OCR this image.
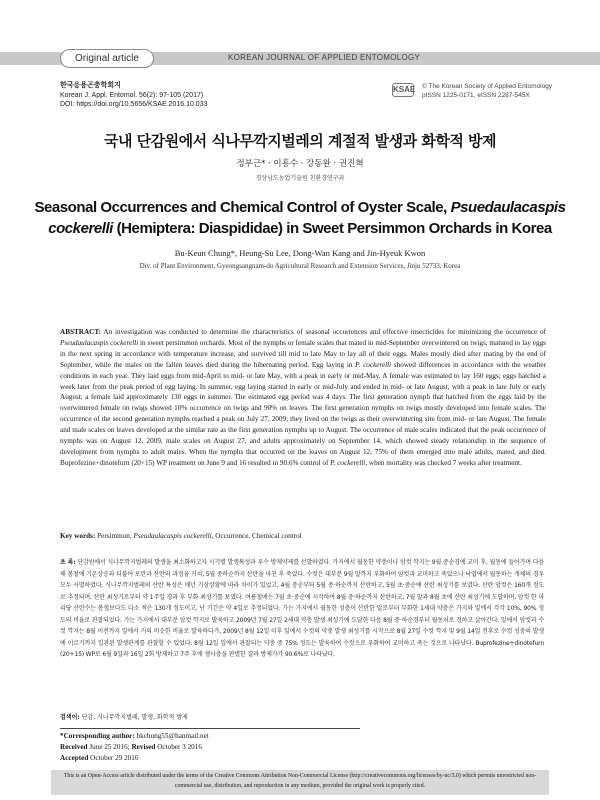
Original article	KOREAN JOURNAL OF APPLIED ENTOMOLOGY
한국응용곤충학회지
Korean J. Appl. Entomol. 56(2): 97-105 (2017)
DOI: https://doi.org/10.5656/KSAE.2016.10.033
KSAE © The Korean Society of Applied Entomology
pISSN 1225-0171, eISSN 2287-545X
국내 단감원에서 식나무깍지벌레의 계절적 발생과 화학적 방제
정부근* · 이흥수 · 강동완 · 권진혁
경상남도농업기술원 친환경연구과
Seasonal Occurrences and Chemical Control of Oyster Scale, Psuedaulacaspis cockerelli (Hemiptera: Diaspididae) in Sweet Persimmon Orchards in Korea
Bu-Keun Chung*, Heung-Su Lee, Dong-Wan Kang and Jin-Hyeuk Kwon
Div. of Plant Environment, Gyeongsangnam-do Agricultural Research and Extension Services, Jinju 52733, Korea
ABSTRACT: An investigation was conducted to determine the characteristics of seasonal occurrences and effective insecticides for minimizing the occurrence of Pseudaulacaspis cockerelli in sweet persimmon orchards. Most of the nymphs or female scales that mated in mid-September overwintered on twigs, matured to lay eggs in the next spring in accordance with temperature increase, and survived till mid to late May to lay all of their eggs. Males mostly died after mating by the end of September, while the males on the fallen leaves died during the hibernating period. Egg laying in P. cockerelli showed differences in accordance with the weather conditions in each year. They laid eggs from mid-April to mid- or late May, with a peak in early or mid-May. A female was estimated to lay 160 eggs; eggs hatched a week later from the peak period of egg laying. In summer, egg laying started in early or mid-July and ended in mid- or late August, with a peak in late July or early August; a female laid approximately 130 eggs in summer. The estimated egg period was 4 days. The first generation nymph that hatched from the eggs laid by the overwintered female on twigs showed 10% occurrence on twigs and 90% on leaves. The first generation nymphs on twigs mostly developed into female scales. The occurrence of the second generation nymphs reached a peak on July 27, 2009; they lived on the twigs as their overwintering site from mid- or late August. The female and male scales on leaves developed at the similar rate as the first generation nymphs up to August. The occurrence of male scales indicated that the peak occurrence of nymphs was on August 12, 2009, male scales on August 27, and adults approximately on September 14, which showed steady relationship in the sequence of development from nymphs to adult males. When the nymphs that occurred on the leaves on August 12, 75% of them emerged into male adults, mated, and died. Buprofezine+dinotefurn (20+15) WP treatment on June 9 and 16 resulted in 90.6% control of P. cockerelli, when mortality was checked 7 weeks after treatment.
Key words: Persimmon, Pseudaulacaspis cockerelli, Occurrence, Chemical control
초 록: 단감원에서 식나무깍지벌레의 발생을 최소화하고자 시기별 발생특성과 우수 방제약제를 선발하였다. 가지에서 월동한 약충이나 암컷 깍지는 9월 중순경에 교미 후, 월동에 들어가며 다음 해 봄철에 기온상승과 더불어 포란과 산란의 과정을 거쳐, 5월 중하순까지 산란을 마친 후 죽었다. 수컷은 대부분 9월 말까지 우화하여 암컷과 교미하고 죽었으나 낙엽에서 월동하는 개체의 경우 모두 사멸하였다. 식나무깍지벌레의 산란 특성은 매년 기상상황에 따라 차이가 있었고, 4월 중순부터 5월 중·하순까지 산란하고, 5월 초·중순에 산란 최성기를 보였다. 산란 암컷은 160개 정도로 추정되며, 산란 최성기로부터 약 1주일 경과 후 부화 최성기를 보였다. 여름철에는 7월 초·중순에 시작하여 8월 중·하순까지 산란하고, 7월 말과 8월 초에 산란 최성기에 도달하며, 암컷 한 마리당 산란수는 봄철보다도 다소 적은 130개 정도이고, 난 기간은 약 4일로 추정되었다. 가는 가지에서 월동한 성충이 산란한 알로부터 부화한 1세대 약충은 가지와 잎에서 각각 10%, 90% 정도의 비율로 관찰되었다. 가는 가지에서 대부분 암컷 깍지로 발육하고 2009년 7월 27일 2세대 약충 발생 최성기에 도달한 다음 8월 중·하순경부터 월동처로 정하고 살아간다. 잎에서 암컷과 수컷 깍지는 8월 이전까지 잎에서 거의 비슷한 비율로 발육하다가, 2009년 8월 12일 이후 잎에서 수컷의 약충 발생 최성기를 시작으로 8월 27일 수컷 깍지 및 9월 14일 전후로 수컷 성충의 발생에 이르기까지 일관된 발생관계를 관찰할 수 있었다. 8월 12일 잎에서 관찰되는 약충 중 75% 정도는 발육하여 수컷으로 우화하여 교미하고 죽는 것으로 나타났다. Buprofezine+dinotefurn (20+15) WP로 6월 9일과 16일 2회 방제하고 7주 후에 생사충을 판별한 결과 방제가가 90.6%로 나타났다.
검색어: 단감, 식나무깍지벌레, 발생, 화학적 방제
*Corresponding author: bkchung55@hanmail.net
Received June 25 2016; Revised October 3 2016
Accepted October 29 2016
This is an Open-Access article distributed under the terms of the Creative Commons Attribution Non-Commercial License (http://creativecommons.org/licenses/by-nc/3.0) which permits unrestricted non-commercial use, distribution, and reproduction in any medium, provided the original work is properly cited.
